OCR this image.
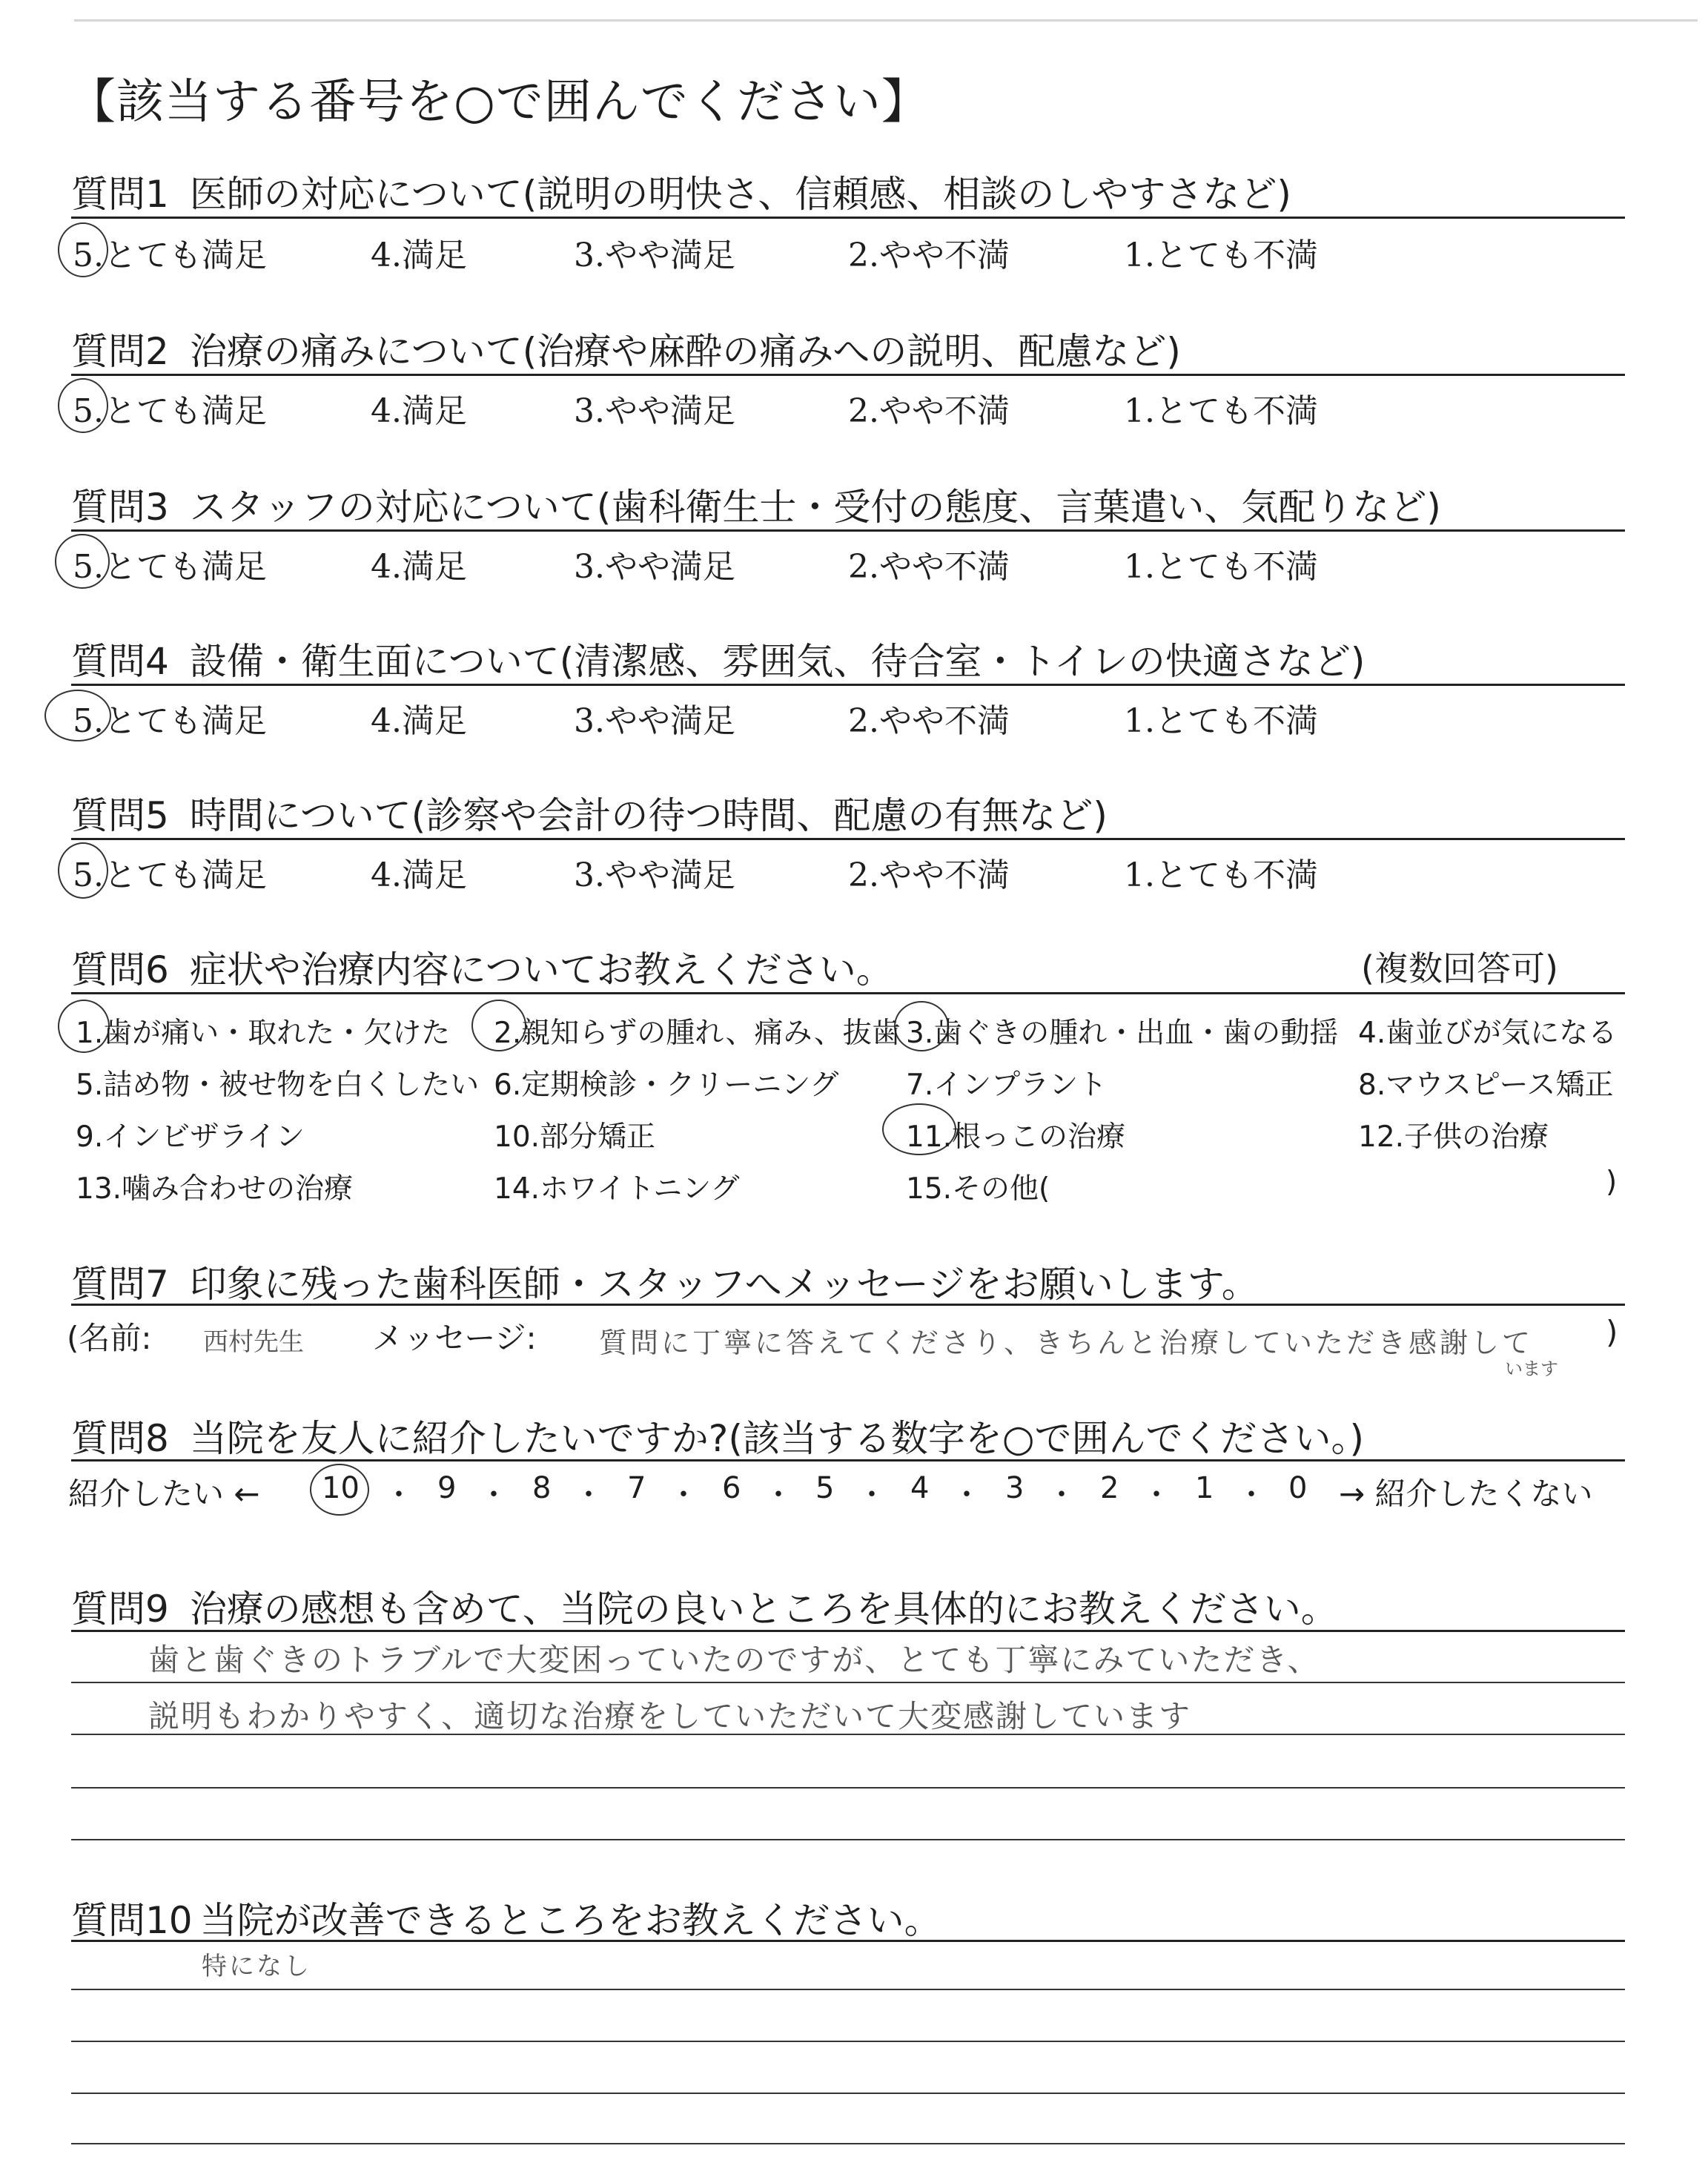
【該当する番号を○で囲んでください】
質問1 医師の対応について(説明の明快さ、信頼感、相談のしやすさなど)
5.とても満足	4.満足	3.やや満足	2.やや不満	1.とても不満
質問2 治療の痛みについて(治療や麻酔の痛みへの説明、配慮など)
5.とても満足	4.満足	3.やや満足	2.やや不満	1.とても不満
質問3 スタッフの対応について(歯科衛生士・受付の態度、言葉遣い、気配りなど)
5.とても満足	4.満足	3.やや満足	2.やや不満	1.とても不満
質問4 設備・衛生面について(清潔感、雰囲気、待合室・トイレの快適さなど)
5.とても満足	4.満足	3.やや満足	2.やや不満	1.とても不満
質問5 時間について(診察や会計の待つ時間、配慮の有無など)
5.とても満足	4.満足	3.やや満足	2.やや不満	1.とても不満
質問6 症状や治療内容についてお教えください。	(複数回答可)
1.歯が痛い・取れた・欠けた 2.親知らずの腫れ、痛み、抜歯 3.歯ぐきの腫れ・出血・歯の動揺 4.歯並びが気になる
5.詰め物・被せ物を白くしたい 6.定期検診・クリーニング 7.インプラント	8.マウスピース矯正
9.インビザライン	10.部分矯正	11.根っこの治療	12.子供の治療
13.噛み合わせの治療	14.ホワイトニング	15.その他(	)
質問7 印象に残った歯科医師・スタッフへメッセージをお願いします。
(名前: 西村先生 メッセージ: 質問に丁寧に答えてくださり、きちんと治療していただき感謝して
います
)
質問8 当院を友人に紹介したいですか?(該当する数字を○で囲んでください。)
紹介したい ← 10 ・ 9 ・ 8 ・ 7 ・ 6 ・ 5 ・ 4 ・ 3 ・ 2 ・ 1 ・ 0 → 紹介したくない
質問9 治療の感想も含めて、当院の良いところを具体的にお教えください。
歯と歯ぐきのトラブルで大変困っていたのですが、とても丁寧にみていただき、
説明もわかりやすく、適切な治療をしていただいて大変感謝しています
質問10 当院が改善できるところをお教えください。
特になし
